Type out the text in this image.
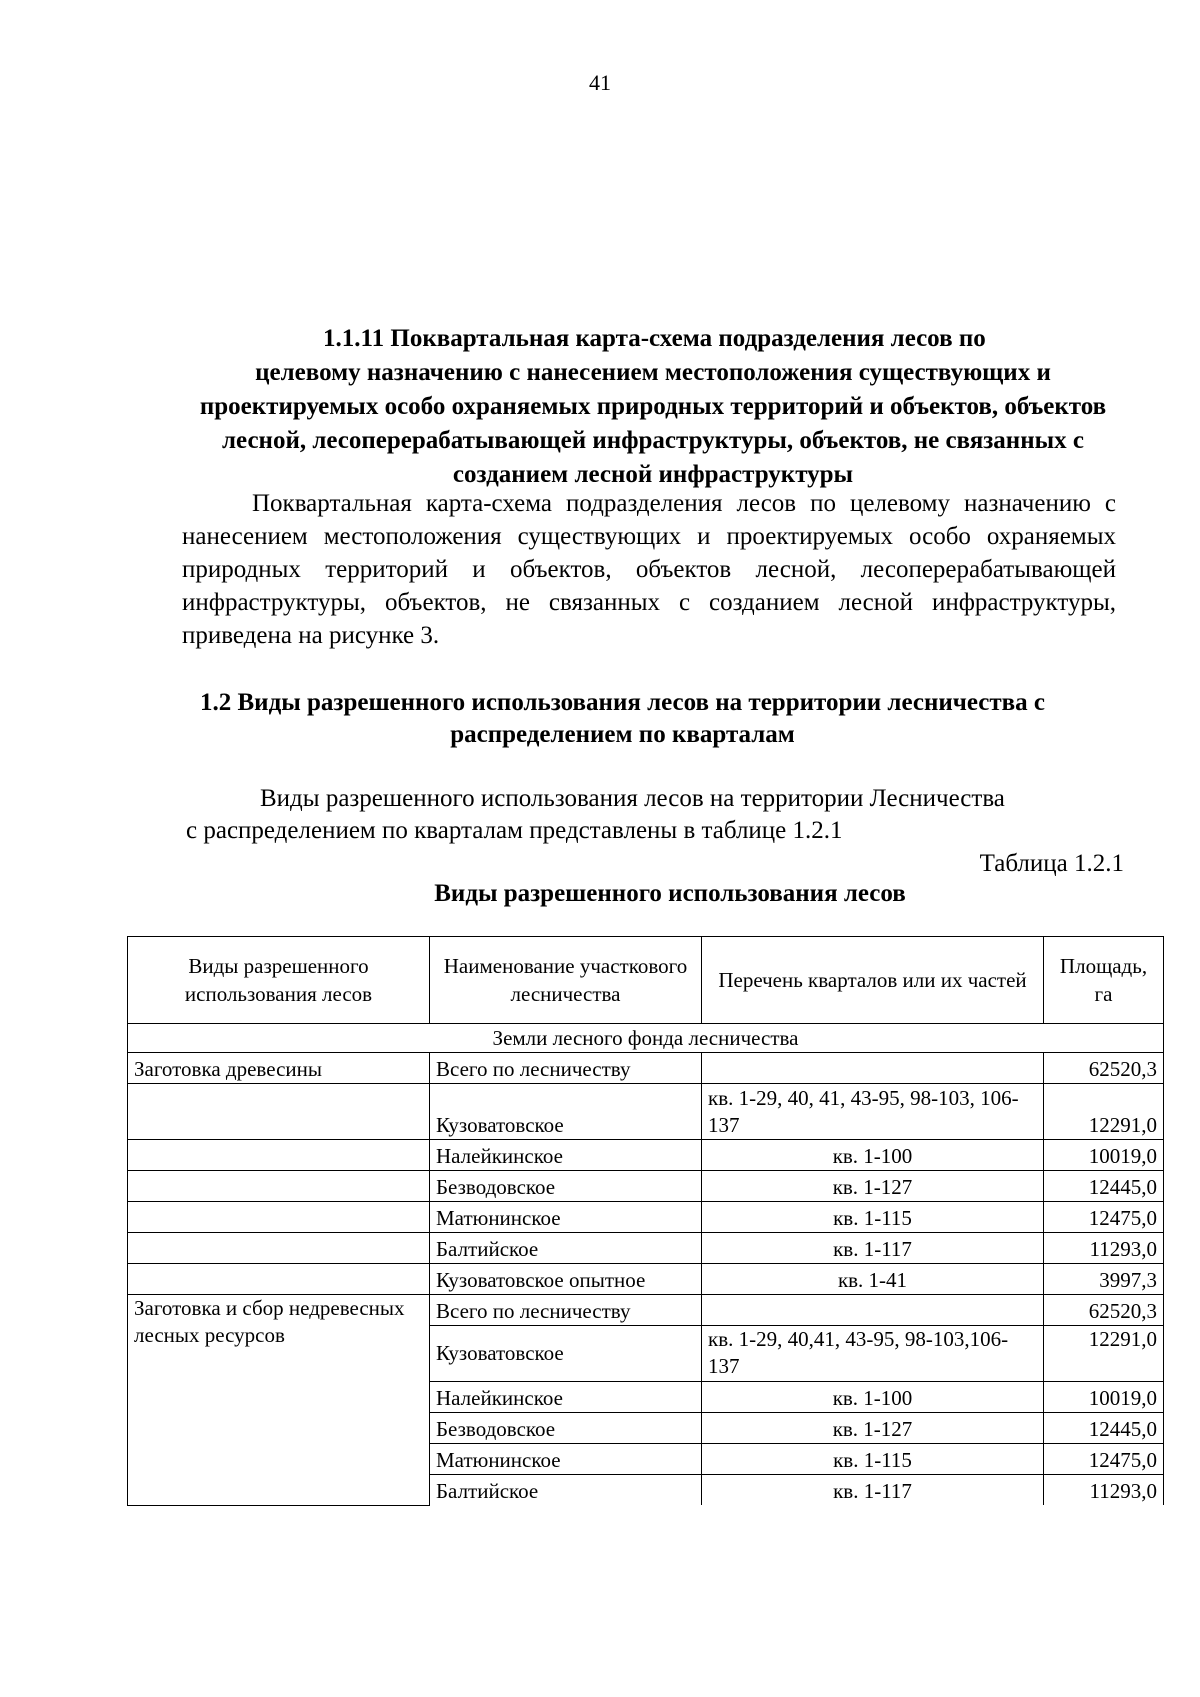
41
1.1.11 Поквартальная карта-схема подразделения лесов по
целевому назначению с нанесением местоположения существующих и проектируемых особо охраняемых природных территорий и объектов, объектов лесной, лесоперерабатывающей инфраструктуры, объектов, не связанных с созданием лесной инфраструктуры
Поквартальная карта-схема подразделения лесов по целевому назначению с нанесением местоположения существующих и проектируемых особо охраняемых природных территорий и объектов, объектов лесной, лесоперерабатывающей инфраструктуры, объектов, не связанных с созданием лесной инфраструктуры, приведена на рисунке 3.
1.2 Виды разрешенного использования лесов на территории лесничества с распределением по кварталам
Виды разрешенного использования лесов на территории Лесничества
с распределением по кварталам представлены в таблице 1.2.1
Таблица 1.2.1
Виды разрешенного использования лесов
Виды разрешенного использования лесов	Наименование участкового лесничества	Перечень кварталов или их частей	Площадь, га
Земли лесного фонда лесничества			
Заготовка древесины	Всего по лесничеству		62520,3
	Кузоватовское	кв. 1-29, 40, 41, 43-95, 98-103, 106-137	12291,0
	Налейкинское	кв. 1-100	10019,0
	Безводовское	кв. 1-127	12445,0
	Матюнинское	кв. 1-115	12475,0
	Балтийское	кв. 1-117	11293,0
	Кузоватовское опытное	кв. 1-41	3997,3
Заготовка и сбор недревесных лесных ресурсов	Всего по лесничеству		62520,3
	Кузоватовское	кв. 1-29, 40,41, 43-95, 98-103,106-137	12291,0
	Налейкинское	кв. 1-100	10019,0
	Безводовское	кв. 1-127	12445,0
	Матюнинское	кв. 1-115	12475,0
	Балтийское	кв. 1-117	11293,0
